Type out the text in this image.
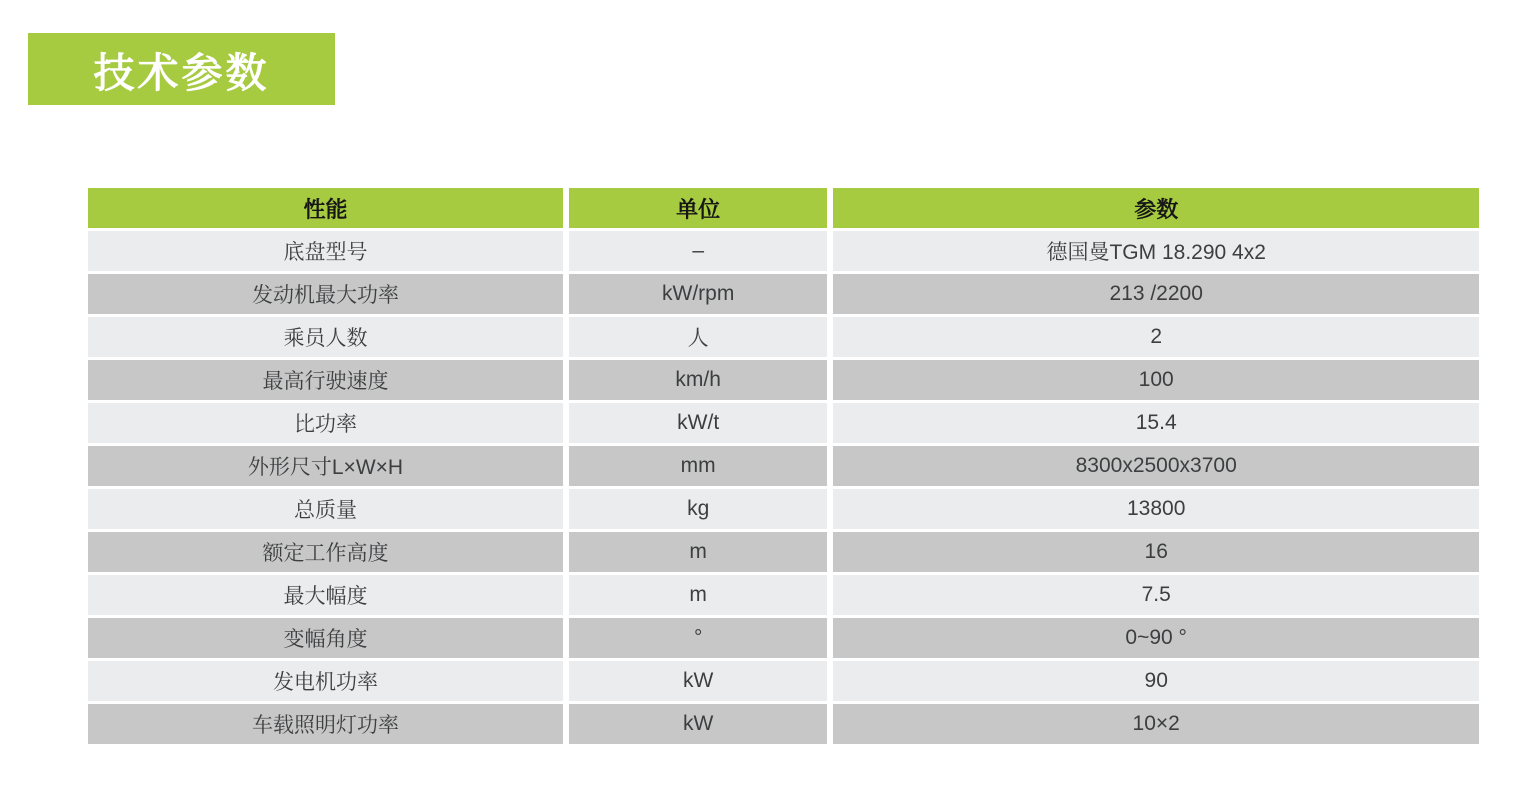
技术参数
性能	单位	参数
底盘型号	–	德国曼TGM 18.290 4x2
发动机最大功率	kW/rpm	213 /2200
乘员人数	人	2
最高行驶速度	km/h	100
比功率	kW/t	15.4
外形尺寸L×W×H	mm	8300x2500x3700
总质量	kg	13800
额定工作高度	m	16
最大幅度	m	7.5
变幅角度	°	0~90 °
发电机功率	kW	90
车载照明灯功率	kW	10×2
